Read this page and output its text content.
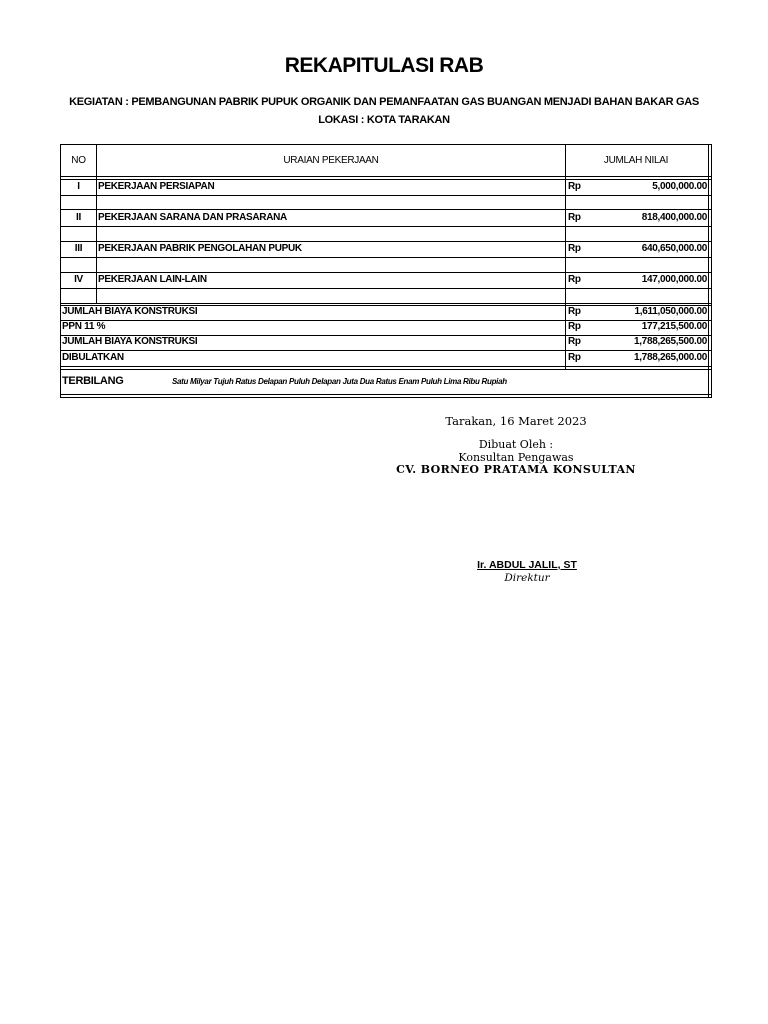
REKAPITULASI RAB
KEGIATAN : PEMBANGUNAN PABRIK PUPUK ORGANIK DAN PEMANFAATAN GAS BUANGAN MENJADI BAHAN BAKAR GAS
LOKASI : KOTA TARAKAN
NO	URAIAN PEKERJAAN	JUMLAH NILAI
I	PEKERJAAN PERSIAPAN	Rp	5,000,000.00
II	PEKERJAAN SARANA DAN PRASARANA	Rp	818,400,000.00
III	PEKERJAAN PABRIK PENGOLAHAN PUPUK	Rp	640,650,000.00
IV	PEKERJAAN LAIN-LAIN	Rp	147,000,000.00
JUMLAH BIAYA KONSTRUKSI	Rp	1,611,050,000.00
PPN 11 %	Rp	177,215,500.00
JUMLAH BIAYA KONSTRUKSI	Rp	1,788,265,500.00
DIBULATKAN	Rp	1,788,265,000.00
TERBILANG	Satu Milyar Tujuh Ratus Delapan Puluh Delapan Juta Dua Ratus Enam Puluh Lima Ribu Rupiah
Tarakan, 16 Maret 2023
Dibuat Oleh :
Konsultan Pengawas
CV. BORNEO PRATAMA KONSULTAN
Ir. ABDUL JALIL, ST
Direktur
